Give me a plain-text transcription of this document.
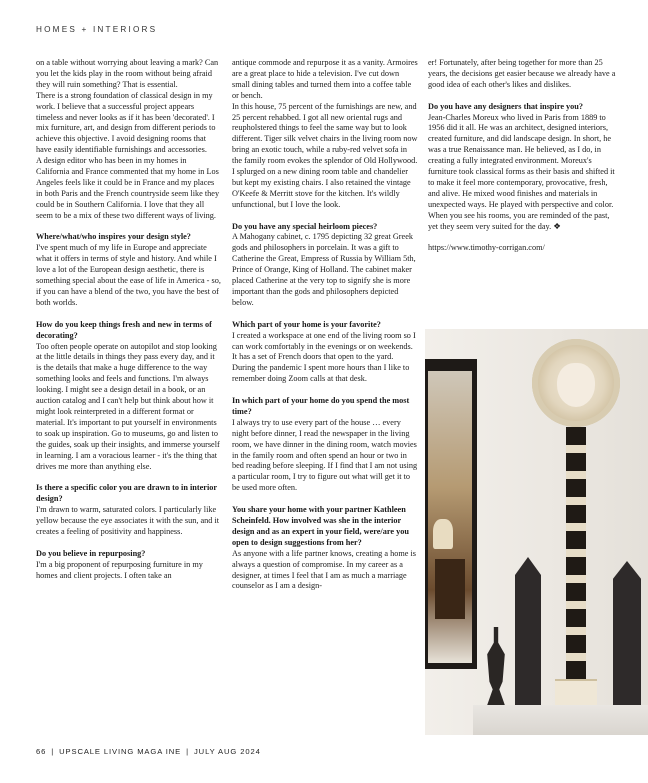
HOMES + INTERIORS

on a table without worrying about leaving a mark? Can you let the kids play in the room without being afraid they will ruin something? That is essential.

There is a strong foundation of classical design in my work. I believe that a successful project appears timeless and never looks as if it has been 'decorated'. I mix furniture, art, and design from different periods to achieve this objective. I avoid designing rooms that have easily identifiable furnishings and accessories.

A design editor who has been in my homes in California and France commented that my home in Los Angeles feels like it could be in France and my places in both Paris and the French countryside seem like they could be in Southern California. I love that they all seem to be a mix of these two different ways of living.

Where/what/who inspires your design style?

I've spent much of my life in Europe and appreciate what it offers in terms of style and history. And while I love a lot of the European design aesthetic, there is something special about the ease of life in America - so, if you can have a blend of the two, you have the best of both worlds.

How do you keep things fresh and new in terms of decorating?

Too often people operate on autopilot and stop looking at the little details in things they pass every day, and it is the details that make a huge difference to the way something looks and feels and functions. I'm always looking. I might see a design detail in a book, or an auction catalog and I can't help but think about how it might look reinterpreted in a different format or material. It's important to put yourself in environments to soak up inspiration. Go to museums, go and listen to the guides, soak up their insights, and immerse yourself in learning. I am a voracious learner - it's the thing that drives me more than anything else.

Is there a specific color you are drawn to in interior design?

I'm drawn to warm, saturated colors. I particularly like yellow because the eye associates it with the sun, and it creates a feeling of positivity and happiness.

Do you believe in repurposing?

I'm a big proponent of repurposing furniture in my homes and client projects. I often take an

antique commode and repurpose it as a vanity. Armoires are a great place to hide a television. I've cut down small dining tables and turned them into a coffee table or bench.

In this house, 75 percent of the furnishings are new, and 25 percent rehabbed. I got all new oriental rugs and reupholstered things to feel the same way but to look different. Tiger silk velvet chairs in the living room now bring an exotic touch, while a ruby-red velvet sofa in the family room evokes the splendor of Old Hollywood. I splurged on a new dining room table and chandelier but kept my existing chairs. I also retained the vintage O'Keefe & Merritt stove for the kitchen. It's wildly unfunctional, but I love the look.

Do you have any special heirloom pieces?

A Mahogany cabinet, c. 1795 depicting 32 great Greek gods and philosophers in porcelain. It was a gift to Catherine the Great, Empress of Russia by William 5th, Prince of Orange, King of Holland. The cabinet maker placed Catherine at the very top to signify she is more important than the gods and philosophers depicted below.

Which part of your home is your favorite?

I created a workspace at one end of the living room so I can work comfortably in the evenings or on weekends. It has a set of French doors that open to the yard. During the pandemic I spent more hours than I like to remember doing Zoom calls at that desk.

In which part of your home do you spend the most time?

I always try to use every part of the house … every night before dinner, I read the newspaper in the living room, we have dinner in the dining room, watch movies in the family room and often spend an hour or two in bed reading before sleeping. If I find that I am not using a particular room, I try to figure out what will get it to be used more often.

You share your home with your partner Kathleen Scheinfeld. How involved was she in the interior design and as an expert in your field, were/are you open to design suggestions from her?

As anyone with a life partner knows, creating a home is always a question of compromise. In my career as a designer, at times I feel that I am as much a marriage counselor as I am a design-

er! Fortunately, after being together for more than 25 years, the decisions get easier because we already have a good idea of each other's likes and dislikes.

Do you have any designers that inspire you?

Jean-Charles Moreux who lived in Paris from 1889 to 1956 did it all. He was an architect, designed interiors, created furniture, and did landscape design. In short, he was a true Renaissance man. He believed, as I do, in creating a fully integrated environment. Moreux's furniture took classical forms as their basis and shifted it to make it feel more contemporary, provocative, fresh, and alive. He mixed wood finishes and materials in unexpected ways. He played with perspective and color. When you see his rooms, you are reminded of the past, yet they seem very suited for the day. ❖

https://www.timothy-corrigan.com/

66 | UPSCALE LIVING MAGA INE | JULY AUG 2024
